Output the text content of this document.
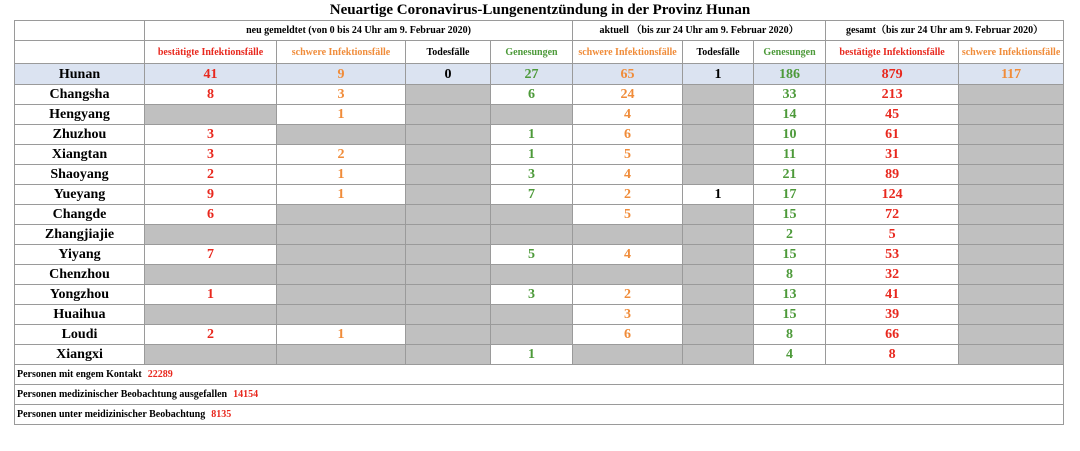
Neuartige Coronavirus-Lungenentzündung in der Provinz Hunan
	neu gemeldtet (von 0 bis 24 Uhr am 9. Februar 2020)				aktuell （bis zur 24 Uhr am 9. Februar 2020）			gesamt（bis zur 24 Uhr am 9. Februar 2020）	
	bestätigte Infektionsfälle	schwere Infektionsfälle	Todesfälle	Genesungen	schwere Infektionsfälle	Todesfälle	Genesungen	bestätigte Infektionsfälle	schwere Infektionsfälle
Hunan	41	9	0	27	65	1	186	879	117
Changsha	8	3		6	24		33	213	
Hengyang		1			4		14	45	
Zhuzhou	3			1	6		10	61	
Xiangtan	3	2		1	5		11	31	
Shaoyang	2	1		3	4		21	89	
Yueyang	9	1		7	2	1	17	124	
Changde	6				5		15	72	
Zhangjiajie							2	5	
Yiyang	7			5	4		15	53	
Chenzhou							8	32	
Yongzhou	1			3	2		13	41	
Huaihua					3		15	39	
Loudi	2	1			6		8	66	
Xiangxi				1			4	8	
Personen mit engem Kontakt 22289									
Personen medizinischer Beobachtung ausgefallen 14154									
Personen unter meidizinischer Beobachtung 8135									
